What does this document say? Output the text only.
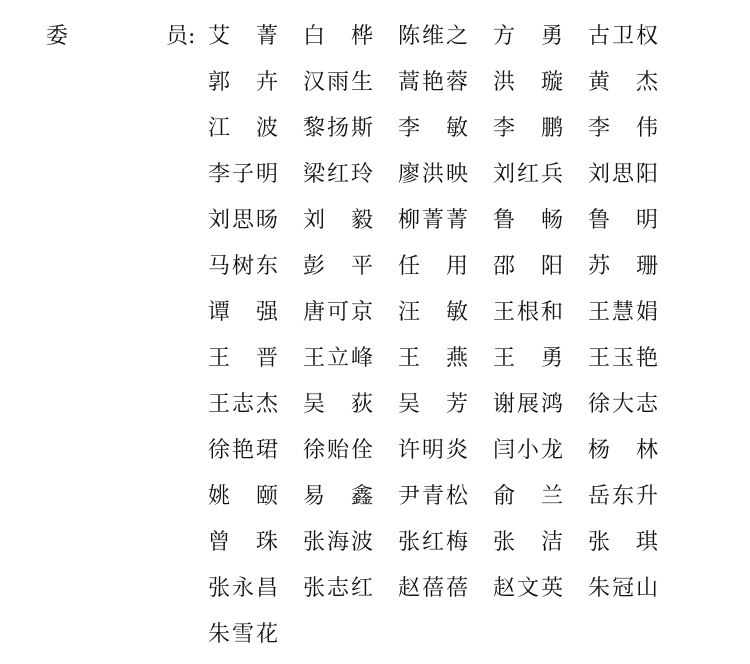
委	员: 艾 菁 白 桦 陈 维 之 方 勇 古 卫 权
郭 卉 汉 雨 生 蒿 艳 蓉 洪 璇 黄 杰
江 波 黎 扬 斯 李 敏 李 鹏 李 伟
李 子 明 梁 红 玲 廖 洪 映 刘 红 兵 刘 思 阳
刘 思 旸 刘 毅 柳 菁 菁 鲁 畅 鲁 明
马 树 东 彭 平 任 用 邵 阳 苏 珊
谭 强 唐 可 京 汪 敏 王 根 和 王 慧 娟
王 晋 王 立 峰 王 燕 王 勇 王 玉 艳
王 志 杰 吴 荻 吴 芳 谢 展 鸿 徐 大 志
徐 艳 珺 徐 贻 佺 许 明 炎 闫 小 龙 杨 林
姚 颐 易 鑫 尹 青 松 俞 兰 岳 东 升
曾 珠 张 海 波 张 红 梅 张 洁 张 琪
张 永 昌 张 志 红 赵 蓓 蓓 赵 文 英 朱 冠 山
朱 雪 花
